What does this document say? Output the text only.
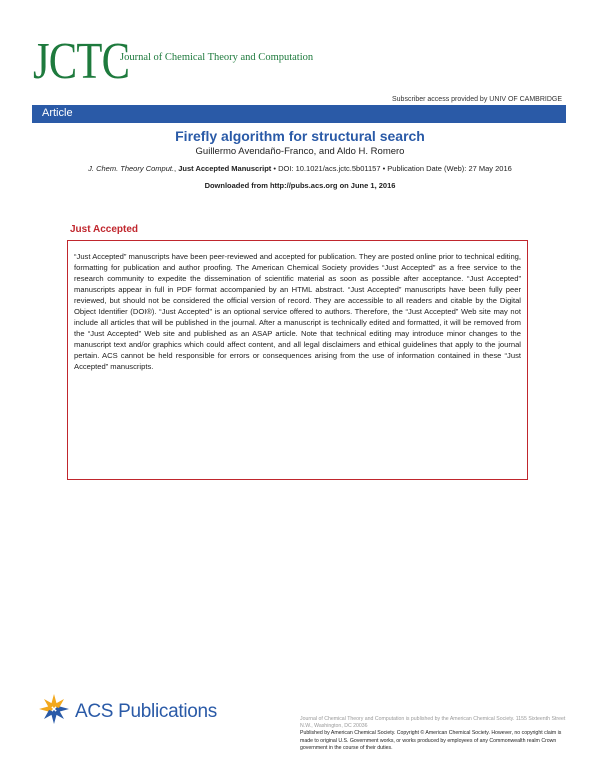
JCTC
Journal of Chemical Theory and Computation
Subscriber access provided by UNIV OF CAMBRIDGE
Article
Firefly algorithm for structural search
Guillermo Avendaño-Franco, and Aldo H. Romero
J. Chem. Theory Comput., Just Accepted Manuscript • DOI: 10.1021/acs.jctc.5b01157 • Publication Date (Web): 27 May 2016
Downloaded from http://pubs.acs.org on June 1, 2016
Just Accepted

“Just Accepted” manuscripts have been peer-reviewed and accepted for publication. They are posted online prior to technical editing, formatting for publication and author proofing. The American Chemical Society provides “Just Accepted” as a free service to the research community to expedite the dissemination of scientific material as soon as possible after acceptance. “Just Accepted” manuscripts appear in full in PDF format accompanied by an HTML abstract. “Just Accepted” manuscripts have been fully peer reviewed, but should not be considered the official version of record. They are accessible to all readers and citable by the Digital Object Identifier (DOI®). “Just Accepted” is an optional service offered to authors. Therefore, the “Just Accepted” Web site may not include all articles that will be published in the journal. After a manuscript is technically edited and formatted, it will be removed from the “Just Accepted” Web site and published as an ASAP article. Note that technical editing may introduce minor changes to the manuscript text and/or graphics which could affect content, and all legal disclaimers and ethical guidelines that apply to the journal pertain. ACS cannot be held responsible for errors or consequences arising from the use of information contained in these “Just Accepted” manuscripts.

ACS Publications	Journal of Chemical Theory and Computation is published by the American Chemical Society. 1155 Sixteenth Street N.W., Washington, DC 20036
Published by American Chemical Society. Copyright © American Chemical Society. However, no copyright claim is made to original U.S. Government works, or works produced by employees of any Commonwealth realm Crown government in the course of their duties.
